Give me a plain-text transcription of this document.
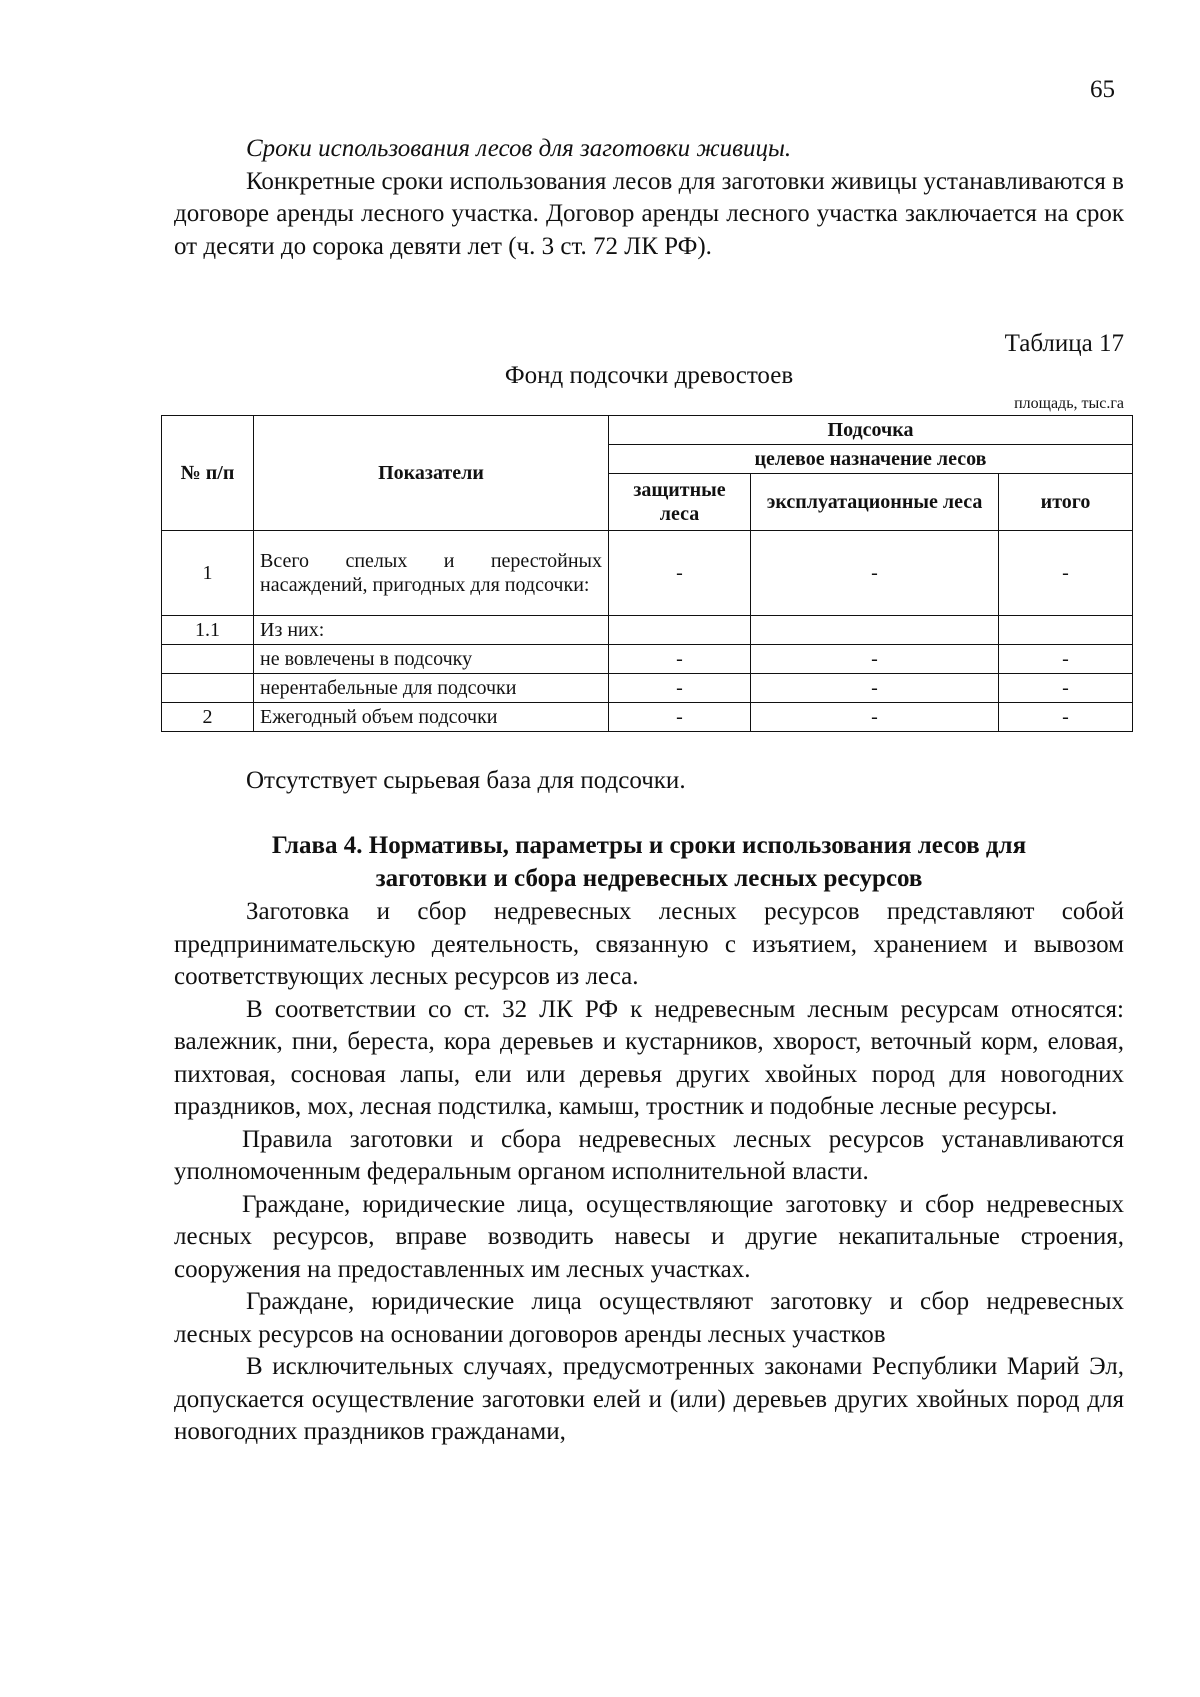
65

Сроки использования лесов для заготовки живицы.

Конкретные сроки использования лесов для заготовки живицы устанавливаются в договоре аренды лесного участка. Договор аренды лесного участка заключается на срок от десяти до сорока девяти лет (ч. 3 ст. 72 ЛК РФ).

Таблица 17
Фонд подсочки древостоев
площадь, тыс.га
№ п/п	Показатели	Подсочка		
		целевое назначение лесов		
		защитные леса	эксплуатационные леса	итого
1	Всего спелых и перестойных насаждений, пригодных для подсочки:	-	-	-
1.1	Из них:			
	не вовлечены в подсочку	-	-	-
	нерентабельные для подсочки	-	-	-
2	Ежегодный объем подсочки	-	-	-

Отсутствует сырьевая база для подсочки.

Глава 4. Нормативы, параметры и сроки использования лесов для
заготовки и сбора недревесных лесных ресурсов

Заготовка и сбор недревесных лесных ресурсов представляют собой предпринимательскую деятельность, связанную с изъятием, хранением и вывозом соответствующих лесных ресурсов из леса.

В соответствии со ст. 32 ЛК РФ к недревесным лесным ресурсам относятся: валежник, пни, береста, кора деревьев и кустарников, хворост, веточный корм, еловая, пихтовая, сосновая лапы, ели или деревья других хвойных пород для новогодних праздников, мох, лесная подстилка, камыш, тростник и подобные лесные ресурсы.

Правила заготовки и сбора недревесных лесных ресурсов устанавливаются уполномоченным федеральным органом исполнительной власти.

Граждане, юридические лица, осуществляющие заготовку и сбор недревесных лесных ресурсов, вправе возводить навесы и другие некапитальные строения, сооружения на предоставленных им лесных участках.

Граждане, юридические лица осуществляют заготовку и сбор недревесных лесных ресурсов на основании договоров аренды лесных участков

В исключительных случаях, предусмотренных законами Республики Марий Эл, допускается осуществление заготовки елей и (или) деревьев других хвойных пород для новогодних праздников гражданами,
